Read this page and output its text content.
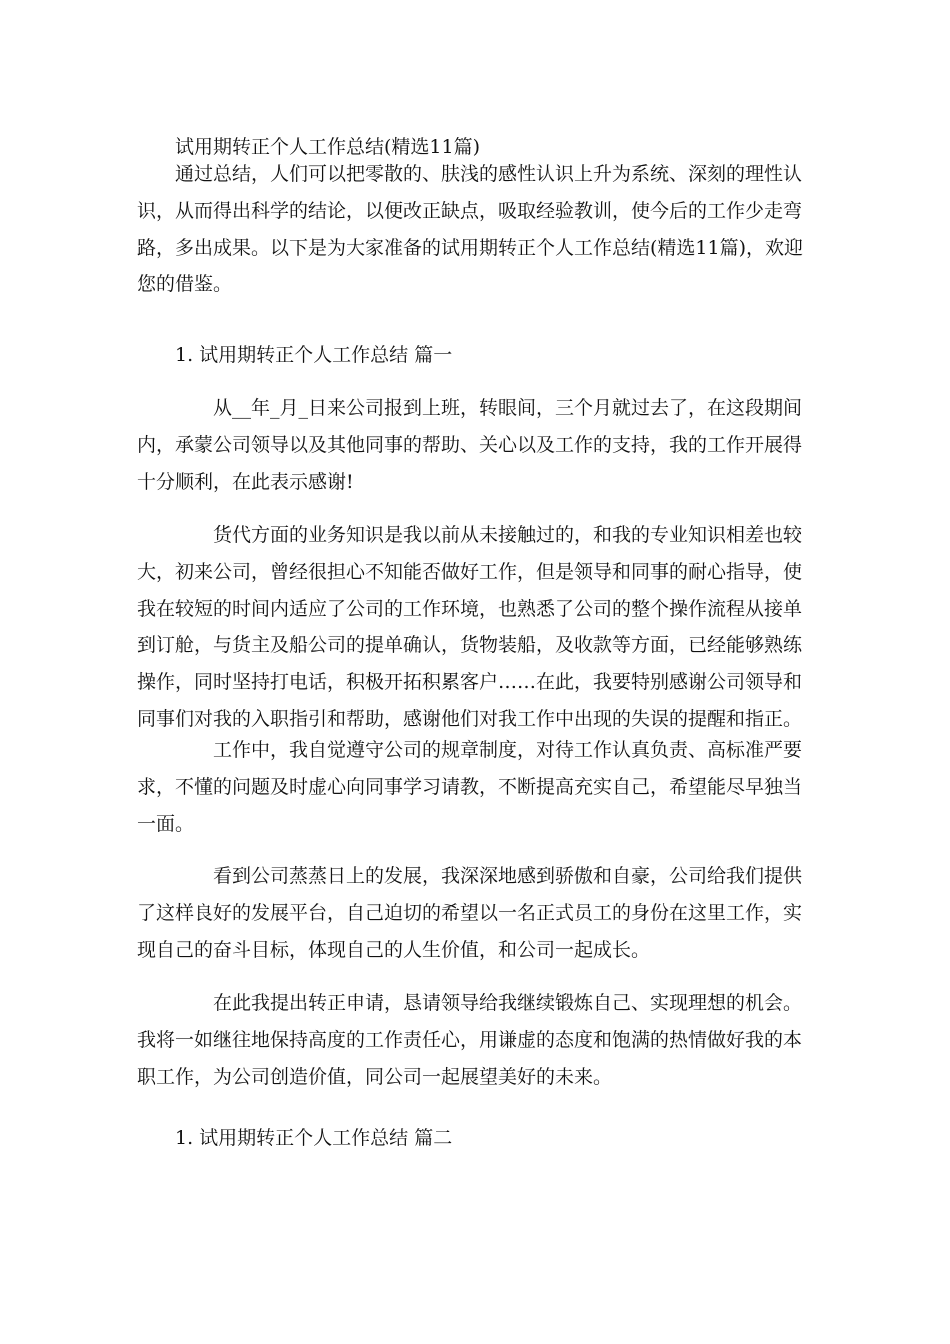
试用期转正个人工作总结(精选11篇)
通过总结，人们可以把零散的、肤浅的感性认识上升为系统、深刻的理性认
识，从而得出科学的结论，以便改正缺点，吸取经验教训，使今后的工作少走弯
路，多出成果。以下是为大家准备的试用期转正个人工作总结(精选11篇)，欢迎
您的借鉴。
1. 试用期转正个人工作总结 篇一
从__年_月_日来公司报到上班，转眼间，三个月就过去了，在这段期间
内，承蒙公司领导以及其他同事的帮助、关心以及工作的支持，我的工作开展得
十分顺利，在此表示感谢!
货代方面的业务知识是我以前从未接触过的，和我的专业知识相差也较
大，初来公司，曾经很担心不知能否做好工作，但是领导和同事的耐心指导，使
我在较短的时间内适应了公司的工作环境，也熟悉了公司的整个操作流程从接单
到订舱，与货主及船公司的提单确认，货物装船，及收款等方面，已经能够熟练
操作，同时坚持打电话，积极开拓积累客户……在此，我要特别感谢公司领导和
同事们对我的入职指引和帮助，感谢他们对我工作中出现的失误的提醒和指正。
工作中，我自觉遵守公司的规章制度，对待工作认真负责、高标准严要
求，不懂的问题及时虚心向同事学习请教，不断提高充实自己，希望能尽早独当
一面。
看到公司蒸蒸日上的发展，我深深地感到骄傲和自豪，公司给我们提供
了这样良好的发展平台，自己迫切的希望以一名正式员工的身份在这里工作，实
现自己的奋斗目标，体现自己的人生价值，和公司一起成长。
在此我提出转正申请，恳请领导给我继续锻炼自己、实现理想的机会。
我将一如继往地保持高度的工作责任心，用谦虚的态度和饱满的热情做好我的本
职工作，为公司创造价值，同公司一起展望美好的未来。
1. 试用期转正个人工作总结 篇二
